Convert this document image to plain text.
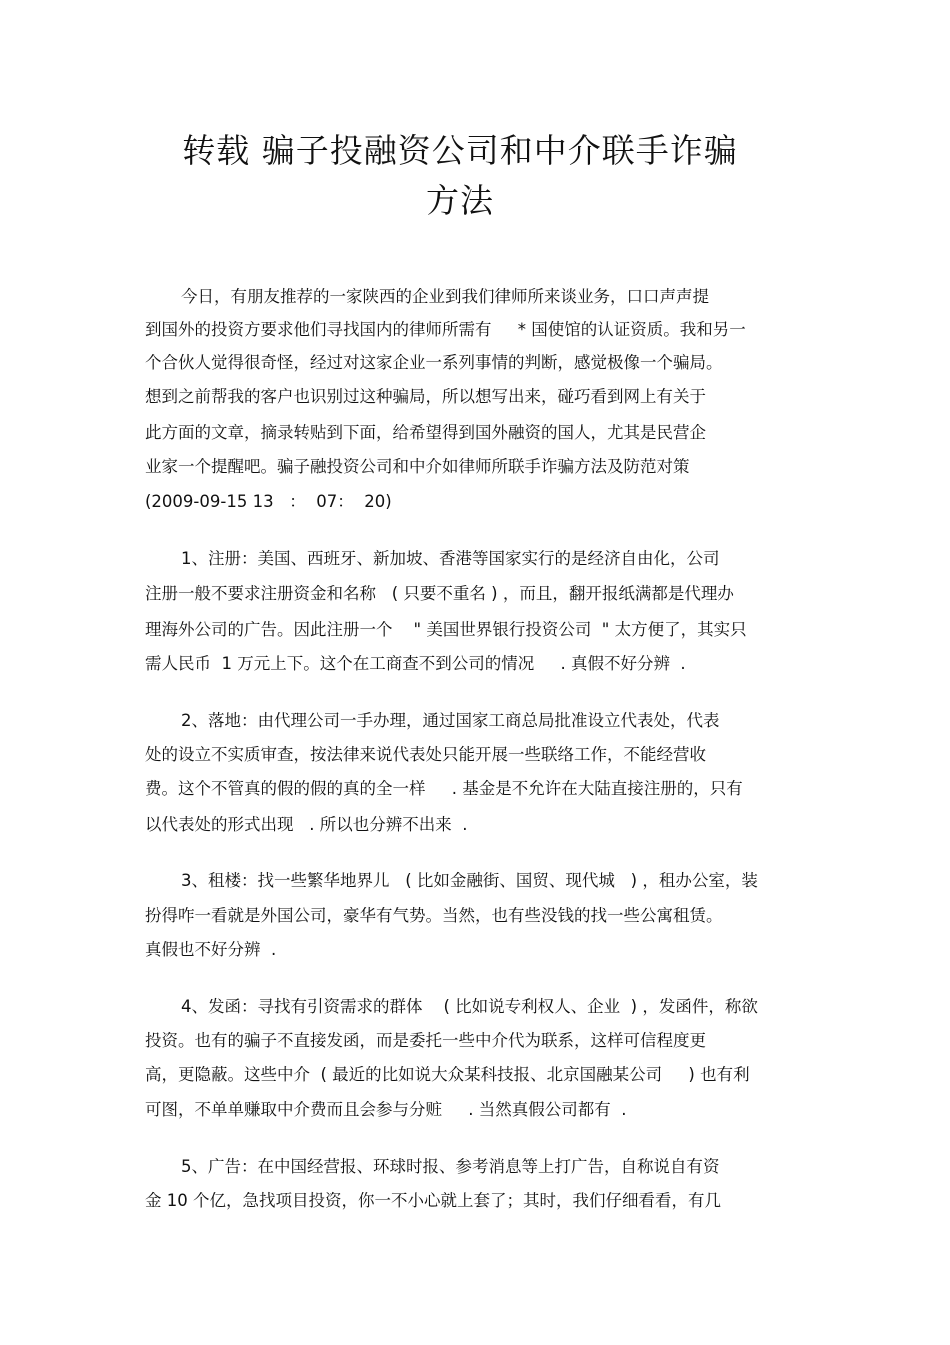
转载 骗子投融资公司和中介联手诈骗
方法
今日，有朋友推荐的一家陕西的企业到我们律师所来谈业务，口口声声提
到国外的投资方要求他们寻找国内的律师所需有     * 国使馆的认证资质。我和另一
个合伙人觉得很奇怪，经过对这家企业一系列事情的判断，感觉极像一个骗局。
想到之前帮我的客户也识别过这种骗局，所以想写出来，碰巧看到网上有关于
此方面的文章，摘录转贴到下面，给希望得到国外融资的国人，尤其是民营企
业家一个提醒吧。骗子融投资公司和中介如律师所联手诈骗方法及防范对策
(2009-09-15 13   ：  07：  20)
1、注册：美国、西班牙、新加坡、香港等国家实行的是经济自由化，公司
注册一般不要求注册资金和名称   ( 只要不重名 ) ，而且，翻开报纸满都是代理办
理海外公司的广告。因此注册一个    " 美国世界银行投资公司  " 太方便了，其实只
需人民币  1 万元上下。这个在工商查不到公司的情况     . 真假不好分辨  .
2、落地：由代理公司一手办理，通过国家工商总局批准设立代表处，代表
处的设立不实质审查，按法律来说代表处只能开展一些联络工作，不能经营收
费。这个不管真的假的假的真的全一样     . 基金是不允许在大陆直接注册的，只有
以代表处的形式出现   . 所以也分辨不出来  .
3、租楼：找一些繁华地界儿   ( 比如金融街、国贸、现代城   ) ，租办公室，装
扮得咋一看就是外国公司，豪华有气势。当然，也有些没钱的找一些公寓租赁。
真假也不好分辨  .
4、发函：寻找有引资需求的群体    ( 比如说专利权人、企业  ) ，发函件，称欲
投资。也有的骗子不直接发函，而是委托一些中介代为联系，这样可信程度更
高，更隐蔽。这些中介  ( 最近的比如说大众某科技报、北京国融某公司     ) 也有利
可图，不单单赚取中介费而且会参与分赃     . 当然真假公司都有  .
5、广告：在中国经营报、环球时报、参考消息等上打广告，自称说自有资
金 10 个亿，急找项目投资，你一不小心就上套了；其时，我们仔细看看，有几
